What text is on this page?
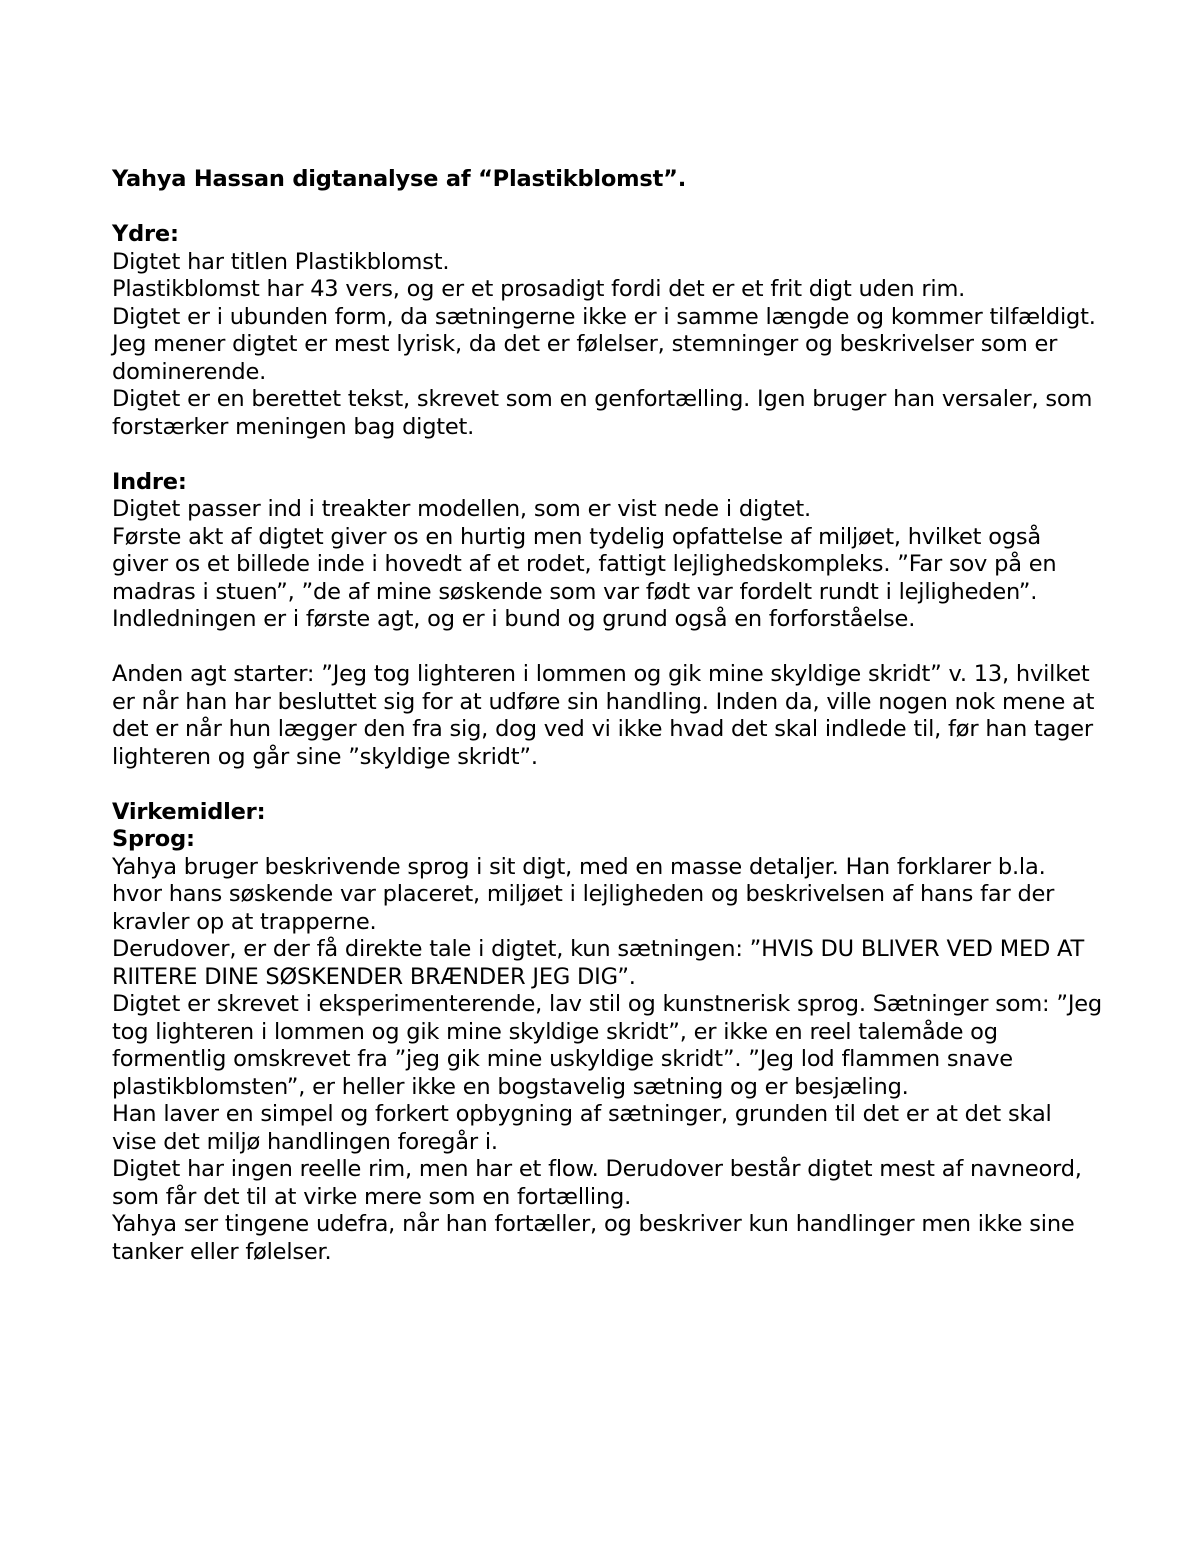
Yahya Hassan digtanalyse af “Plastikblomst”.

Ydre:

Digtet har titlen Plastikblomst.

Plastikblomst har 43 vers, og er et prosadigt fordi det er et frit digt uden rim.

Digtet er i ubunden form, da sætningerne ikke er i samme længde og kommer tilfældigt.

Jeg mener digtet er mest lyrisk, da det er følelser, stemninger og beskrivelser som er dominerende.

Digtet er en berettet tekst, skrevet som en genfortælling. Igen bruger han versaler, som forstærker meningen bag digtet.

Indre:

Digtet passer ind i treakter modellen, som er vist nede i digtet.

Første akt af digtet giver os en hurtig men tydelig opfattelse af miljøet, hvilket også giver os et billede inde i hovedt af et rodet, fattigt lejlighedskompleks. ”Far sov på en madras i stuen”, ”de af mine søskende som var født var fordelt rundt i lejligheden”.

Indledningen er i første agt, og er i bund og grund også en forforståelse.

Anden agt starter: ”Jeg tog lighteren i lommen og gik mine skyldige skridt” v. 13, hvilket er når han har besluttet sig for at udføre sin handling. Inden da, ville nogen nok mene at det er når hun lægger den fra sig, dog ved vi ikke hvad det skal indlede til, før han tager lighteren og går sine ”skyldige skridt”.

Virkemidler:

Sprog:

Yahya bruger beskrivende sprog i sit digt, med en masse detaljer. Han forklarer b.la. hvor hans søskende var placeret, miljøet i lejligheden og beskrivelsen af hans far der kravler op at trapperne.

Derudover, er der få direkte tale i digtet, kun sætningen: ”HVIS DU BLIVER VED MED AT RIITERE DINE SØSKENDER BRÆNDER JEG DIG”.

Digtet er skrevet i eksperimenterende, lav stil og kunstnerisk sprog. Sætninger som: ”Jeg tog lighteren i lommen og gik mine skyldige skridt”, er ikke en reel talemåde og formentlig omskrevet fra ”jeg gik mine uskyldige skridt”. ”Jeg lod flammen snave plastikblomsten”, er heller ikke en bogstavelig sætning og er besjæling.

Han laver en simpel og forkert opbygning af sætninger, grunden til det er at det skal vise det miljø handlingen foregår i.

Digtet har ingen reelle rim, men har et flow. Derudover består digtet mest af navneord, som får det til at virke mere som en fortælling.

Yahya ser tingene udefra, når han fortæller, og beskriver kun handlinger men ikke sine tanker eller følelser.
